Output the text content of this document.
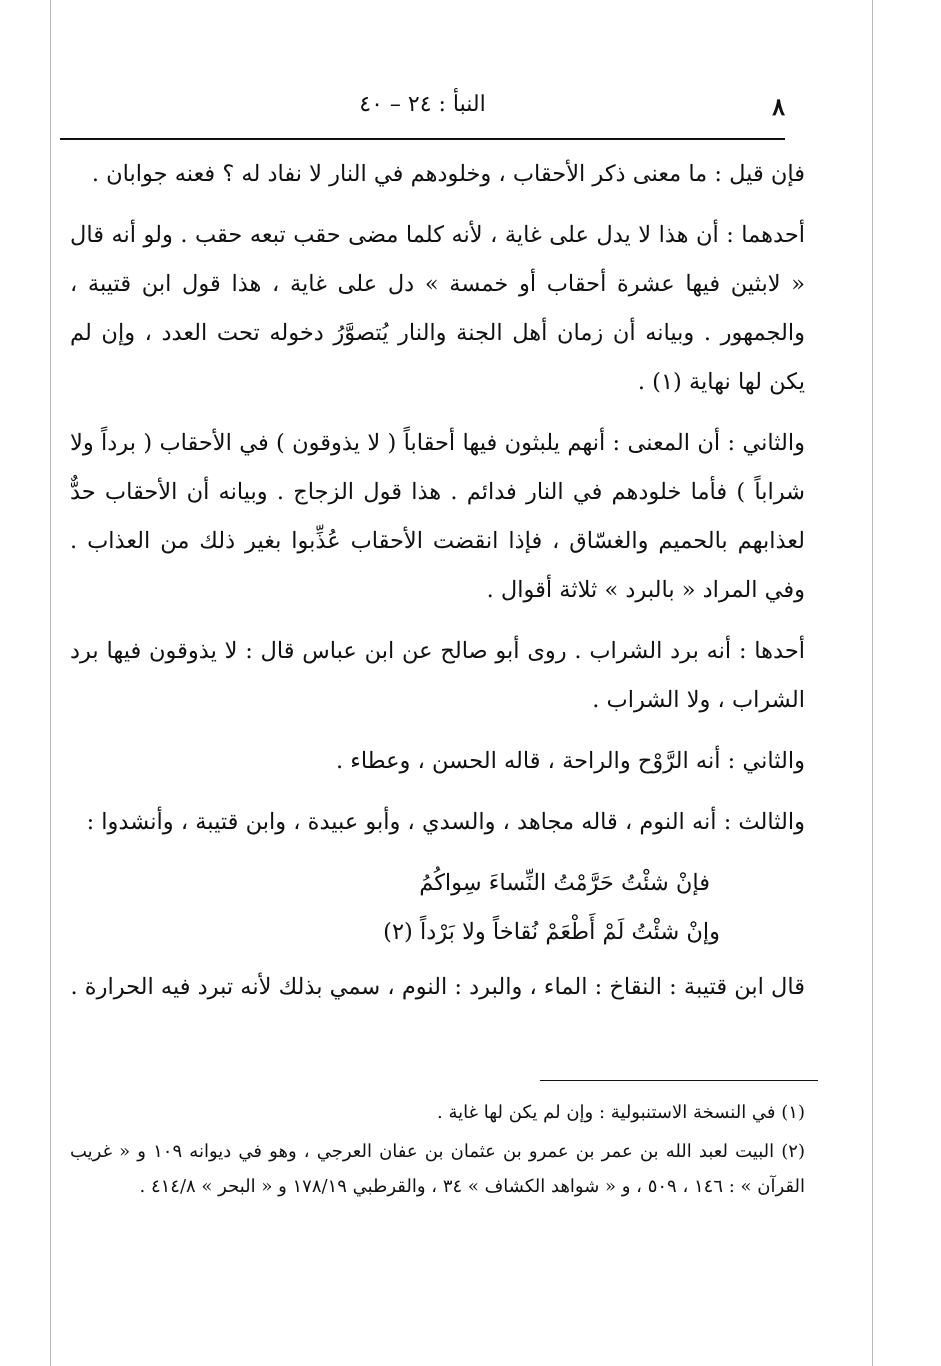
النبأ : ٢٤ – ٤٠	٨

فإن قيل : ما معنى ذكر الأحقاب ، وخلودهم في النار لا نفاد له ؟ فعنه جوابان .

أحدهما : أن هذا لا يدل على غاية ، لأنه كلما مضى حقب تبعه حقب . ولو أنه قال « لابثين فيها عشرة أحقاب أو خمسة » دل على غاية ، هذا قول ابن قتيبة ، والجمهور . وبيانه أن زمان أهل الجنة والنار يُتصوَّرُ دخوله تحت العدد ، وإن لم يكن لها نهاية (١) .

والثاني : أن المعنى : أنهم يلبثون فيها أحقاباً ( لا يذوقون ) في الأحقاب ( برداً ولا شراباً ) فأما خلودهم في النار فدائم . هذا قول الزجاج . وبيانه أن الأحقاب حدٌّ لعذابهم بالحميم والغسّاق ، فإذا انقضت الأحقاب عُذِّبوا بغير ذلك من العذاب . وفي المراد « بالبرد » ثلاثة أقوال .

أحدها : أنه برد الشراب . روى أبو صالح عن ابن عباس قال : لا يذوقون فيها برد الشراب ، ولا الشراب .

والثاني : أنه الرَّوْح والراحة ، قاله الحسن ، وعطاء .

والثالث : أنه النوم ، قاله مجاهد ، والسدي ، وأبو عبيدة ، وابن قتيبة ، وأنشدوا :

فإنْ شئْتُ حَرَّمْتُ النِّساءَ سِواكُمُ
وإنْ شئْتُ لَمْ أَطْعَمْ نُقاخاً ولا بَرْداً (٢)

قال ابن قتيبة : النقاخ : الماء ، والبرد : النوم ، سمي بذلك لأنه تبرد فيه الحرارة .

(١) في النسخة الاستنبولية : وإن لم يكن لها غاية .

(٢) البيت لعبد الله بن عمر بن عمرو بن عثمان بن عفان العرجي ، وهو في ديوانه ١٠٩ و « غريب القرآن » : ١٤٦ ، ٥٠٩ ، و « شواهد الكشاف » ٣٤ ، والقرطبي ١٧٨/١٩ و « البحر » ٤١٤/٨ .
